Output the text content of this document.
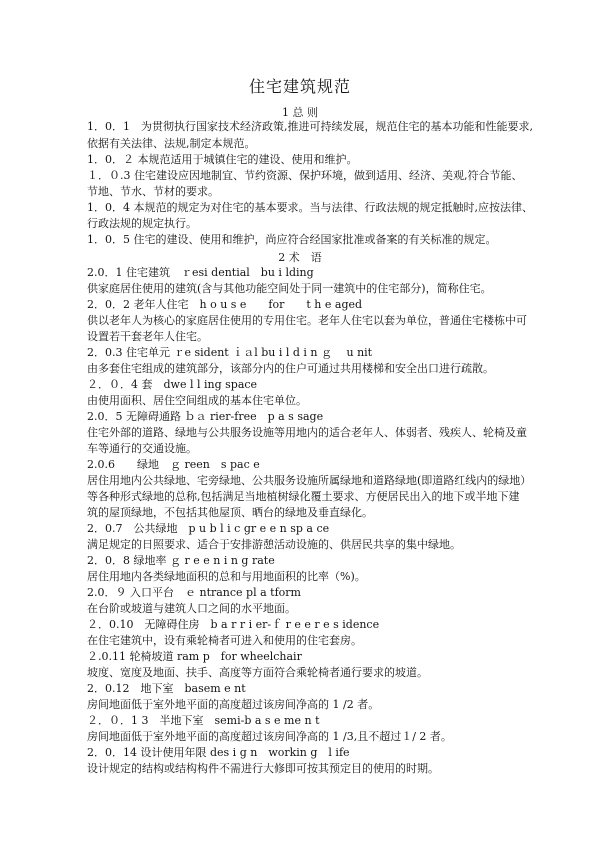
住宅建筑规范
1 总 则
1．0．1　为贯彻执行国家技术经济政策,推进可持续发展，规范住宅的基本功能和性能要求,
依据有关法律、法规,制定本规范。
1．0．２ 本规范适用于城镇住宅的建设、使用和维护。
１．０.3 住宅建设应因地制宜、节约资源、保护环境，做到适用、经济、美观,符合节能、
节地、节水、节材的要求。
1．0．4 本规范的规定为对住宅的基本要求。当与法律、行政法规的规定抵触时,应按法律、
行政法规的规定执行。
1．0．5 住宅的建设、使用和维护，尚应符合经国家批准或备案的有关标准的规定。
2 术　语
2.0．1 住宅建筑　ｒesi dential　bu i lding
供家庭居住使用的建筑(含与其他功能空间处于同一建筑中的住宅部分)，简称住宅。
2．0．2 老年人住宅　h o u s e　　for　　t h e aged
供以老年人为核心的家庭居住使用的专用住宅。老年人住宅以套为单位，普通住宅楼栋中可
设置若干套老年人住宅。
2．0.3 住宅单元 ｒe sident ｉａl bu i l d i n ｇ　 u nit
由多套住宅组成的建筑部分，该部分内的住户可通过共用楼梯和安全出口进行疏散。
２．０．4 套　dwe l l ing space
由使用面积、居住空间组成的基本住宅单位。
2.0．5 无障碍通路 ｂａ rier-free　p a s sage
住宅外部的道路、绿地与公共服务设施等用地内的适合老年人、体弱者、残疾人、轮椅及童
车等通行的交通设施。
2.0.6　　绿地　ｇ reen　s pac e
居住用地内公共绿地、宅旁绿地、公共服务设施所属绿地和道路绿地(即道路红线内的绿地）
等各种形式绿地的总称,包括满足当地植树绿化覆土要求、方便居民出入的地下或半地下建
筑的屋顶绿地，不包括其他屋顶、晒台的绿地及垂直绿化。
2．0.7　公共绿地　p u b l i c gr e e n sp a ce
满足规定的日照要求、适合于安排游憩活动设施的、供居民共享的集中绿地。
2．0．8 绿地率 ｇ r e e n i n g rate
居住用地内各类绿地面积的总和与用地面积的比率（%)。
2.0．９ 入口平台　ｅ ntrance pl a tform
在台阶或坡道与建筑人口之间的水平地面。
２．0.10　无障碍住房　b a r r i er-ｆ r e e r e s idence
在住宅建筑中，设有乘轮椅者可进入和使用的住宅套房。
２.0.11 轮椅坡道 ram p　for wheelchair
坡度、宽度及地面、扶手、高度等方面符合乘轮椅者通行要求的坡道。
2．0.12　地下室　basem e nt
房间地面低于室外地平面的高度超过该房间净高的 1 /2 者。
２．０．1 3　半地下室　semi-b a s e me n t
房间地面低于室外地平面的高度超过该房间净高的 1 /3,且不超过１/ 2 者。
2．0．14 设计使用年限 des i g n　workin g　l ife
设计规定的结构或结构构件不需进行大修即可按其预定目的使用的时期。
